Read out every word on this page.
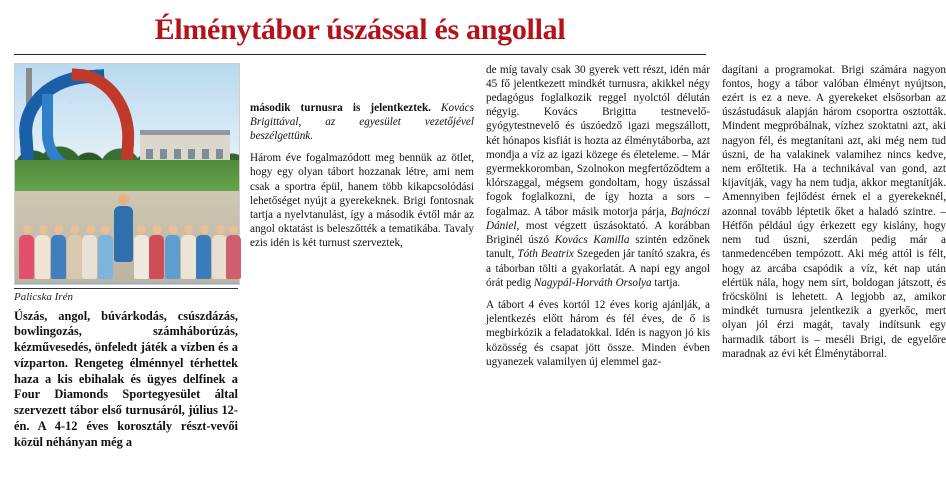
Élménytábor úszással és angollal
Palicska Irén
Úszás, angol, búvárkodás, csúszdázás, bowlingozás, számháborúzás, kézművesedés, önfeledt játék a vízben és a vízparton. Rengeteg élménnyel térhettek haza a kis ebihalak és ügyes delfinek a Four Diamonds Sportegyesület által szervezett tábor első turnusáról, július 12-én. A 4-12 éves korosztály részt-vevői közül néhányan még a
második turnusra is jelentkeztek. Kovács Brigittával, az egyesület vezetőjével beszélgettünk.

Három éve fogalmazódott meg bennük az ötlet, hogy egy olyan tábort hozzanak létre, ami nem csak a sportra épül, hanem több kikapcsolódási lehetőséget nyújt a gyerekeknek. Brigi fontosnak tartja a nyelvtanulást, így a második évtől már az angol oktatást is beleszőtték a tematikába. Tavaly ezis idén is két turnust szerveztek,

de míg tavaly csak 30 gyerek vett részt, idén már 45 fő jelentkezett mindkét turnusra, akikkel négy pedagógus foglalkozik reggel nyolctól délután négyig. Kovács Brigitta testnevelő-gyógytestnevelő és úszóedző igazi megszállott, két hónapos kisfiát is hozta az élménytáborba, azt mondja a víz az igazi közege és életeleme. – Már gyermekkoromban, Szolnokon megfertőződtem a klórszaggal, mégsem gondoltam, hogy úszással fogok foglalkozni, de így hozta a sors – fogalmaz. A tábor másik motorja párja, Bajnóczi Dániel, most végzett úszásoktató. A korábban Briginél úszó Kovács Kamilla szintén edzőnek tanult, Tóth Beatrix Szegeden jár tanító szakra, és a táborban tölti a gyakorlatát. A napi egy angol órát pedig Nagypál-Horváth Orsolya tartja.

A tábort 4 éves kortól 12 éves korig ajánlják, a jelentkezés előtt három és fél éves, de ő is megbirkózik a feladatokkal. Idén is nagyon jó kis közösség és csapat jött össze. Minden évben ugyanezek valamilyen új elemmel gaz-

dagítani a programokat. Brigi számára nagyon fontos, hogy a tábor valóban élményt nyújtson, ezért is ez a neve. A gyerekeket elsősorban az úszástudásuk alapján három csoportra osztották. Mindent megpróbálnak, vízhez szoktatni azt, aki nagyon fél, és megtanítani azt, aki még nem tud úszni, de ha valakinek valamihez nincs kedve, nem erőltetik. Ha a technikával van gond, azt kijavítják, vagy ha nem tudja, akkor megtanítják. Amennyiben fejlődést érnek el a gyerekeknél, azonnal tovább léptetik őket a haladó szintre. – Hétfőn például úgy érkezett egy kislány, hogy nem tud úszni, szerdán pedig már a tanmedencében tempózott. Aki még attól is félt, hogy az arcába csapódik a víz, két nap után elértük nála, hogy nem sírt, boldogan játszott, és fröcskölni is lehetett. A legjobb az, amikor mindkét turnusra jelentkezik a gyerkőc, mert olyan jól érzi magát, tavaly indítsunk egy harmadik tábort is – meséli Brigi, de egyelőre maradnak az évi két Élménytáborral.
